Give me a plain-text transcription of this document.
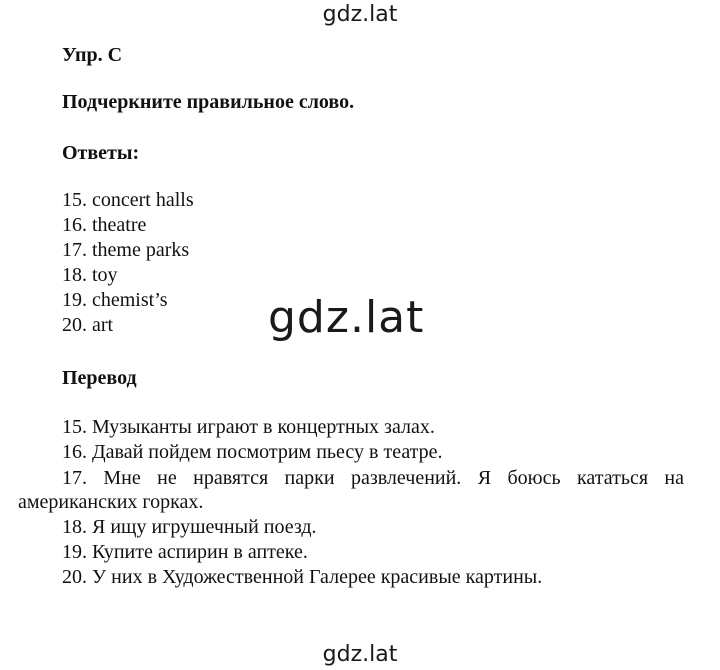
gdz.lat
Упр. С
Подчеркните правильное слово.
Ответы:
15. concert halls
16. theatre
17. theme parks
18. toy
19. chemist’s
20. art
Перевод
15. Музыканты играют в концертных залах.
16. Давай пойдем посмотрим пьесу в театре.
17. Мне не нравятся парки развлечений. Я боюсь кататься на американских горках.
18. Я ищу игрушечный поезд.
19. Купите аспирин в аптеке.
20. У них в Художественной Галерее красивые картины.
gdz.lat
gdz.lat
